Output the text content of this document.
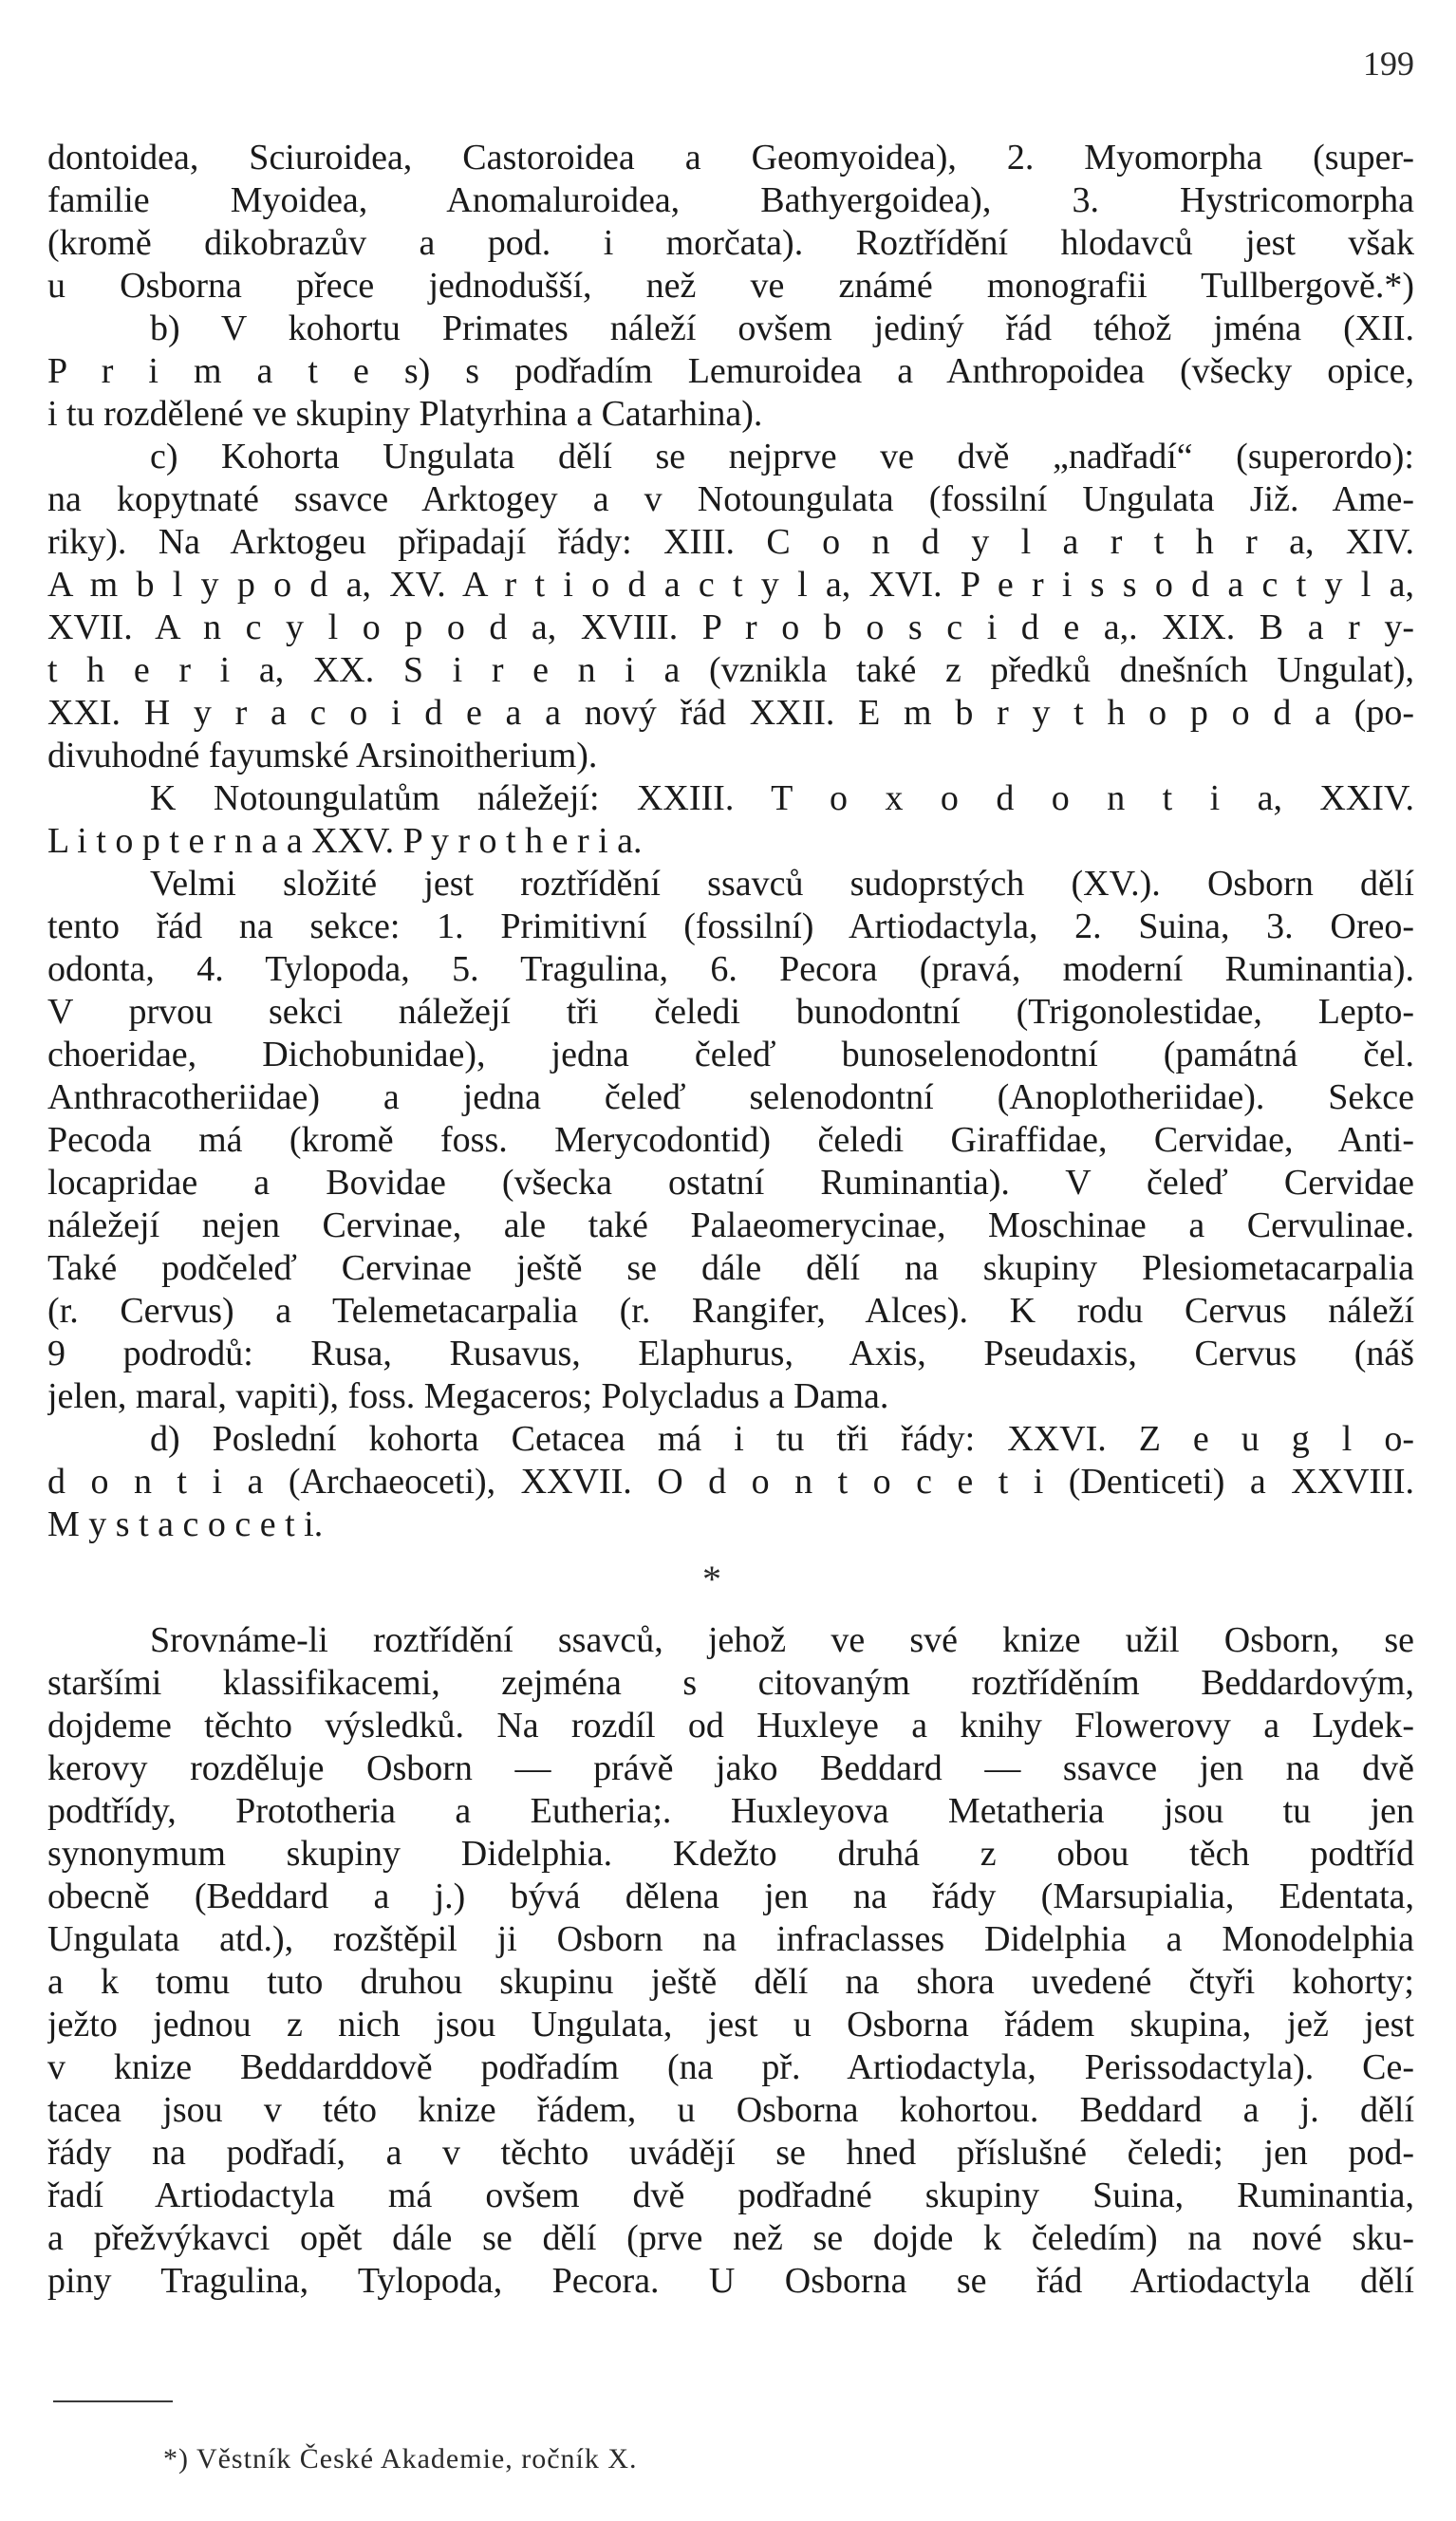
199
dontoidea, Sciuroidea, Castoroidea a Geomyoidea), 2. Myomorpha (super-
familie Myoidea, Anomaluroidea, Bathyergoidea), 3. Hystricomorpha
(kromě dikobrazův a pod. i morčata). Roztřídění hlodavců jest však
u Osborna přece jednodušší, než ve známé monografii Tullbergově.*)
b) V kohortu Primates náleží ovšem jediný řád téhož jména (XII.
P r i m a t e s) s podřadím Lemuroidea a Anthropoidea (všecky opice,
i tu rozdělené ve skupiny Platyrhina a Catarhina).
c) Kohorta Ungulata dělí se nejprve ve dvě „nadřadí“ (superordo):
na kopytnaté ssavce Arktogey a v Notoungulata (fossilní Ungulata Již. Ame-
riky). Na Arktogeu připadají řády: XIII. C o n d y l a r t h r a, XIV.
A m b l y p o d a, XV. A r t i o d a c t y l a, XVI. P e r i s s o d a c t y l a,
XVII. A n c y l o p o d a, XVIII. P r o b o s c i d e a,. XIX. B a r y-
t h e r i a, XX. S i r e n i a (vznikla také z předků dnešních Ungulat),
XXI. H y r a c o i d e a a nový řád XXII. E m b r y t h o p o d a (po-
divuhodné fayumské Arsinoitherium).
K Notoungulatům náležejí: XXIII. T o x o d o n t i a, XXIV.
L i t o p t e r n a a XXV. P y r o t h e r i a.
Velmi složité jest roztřídění ssavců sudoprstých (XV.). Osborn dělí
tento řád na sekce: 1. Primitivní (fossilní) Artiodactyla, 2. Suina, 3. Oreo-
odonta, 4. Tylopoda, 5. Tragulina, 6. Pecora (pravá, moderní Ruminantia).
V prvou sekci náležejí tři čeledi bunodontní (Trigonolestidae, Lepto-
choeridae, Dichobunidae), jedna čeleď bunoselenodontní (památná čel.
Anthracotheriidae) a jedna čeleď selenodontní (Anoplotheriidae). Sekce
Pecoda má (kromě foss. Merycodontid) čeledi Giraffidae, Cervidae, Anti-
locapridae a Bovidae (všecka ostatní Ruminantia). V čeleď Cervidae
náležejí nejen Cervinae, ale také Palaeomerycinae, Moschinae a Cervulinae.
Také podčeleď Cervinae ještě se dále dělí na skupiny Plesiometacarpalia
(r. Cervus) a Telemetacarpalia (r. Rangifer, Alces). K rodu Cervus náleží
9 podrodů: Rusa, Rusavus, Elaphurus, Axis, Pseudaxis, Cervus (náš
jelen, maral, vapiti), foss. Megaceros; Polycladus a Dama.
d) Poslední kohorta Cetacea má i tu tři řády: XXVI. Z e u g l o-
d o n t i a (Archaeoceti), XXVII. O d o n t o c e t i (Denticeti) a XXVIII.
M y s t a c o c e t i.
*
Srovnáme-li roztřídění ssavců, jehož ve své knize užil Osborn, se
staršími klassifikacemi, zejména s citovaným roztříděním Beddardovým,
dojdeme těchto výsledků. Na rozdíl od Huxleye a knihy Flowerovy a Lydek-
kerovy rozděluje Osborn — právě jako Beddard — ssavce jen na dvě
podtřídy, Prototheria a Eutheria;. Huxleyova Metatheria jsou tu jen
synonymum skupiny Didelphia. Kdežto druhá z obou těch podtříd
obecně (Beddard a j.) bývá dělena jen na řády (Marsupialia, Edentata,
Ungulata atd.), rozštěpil ji Osborn na infraclasses Didelphia a Monodelphia
a k tomu tuto druhou skupinu ještě dělí na shora uvedené čtyři kohorty;
ježto jednou z nich jsou Ungulata, jest u Osborna řádem skupina, jež jest
v knize Beddarddově podřadím (na př. Artiodactyla, Perissodactyla). Ce-
tacea jsou v této knize řádem, u Osborna kohortou. Beddard a j. dělí
řády na podřadí, a v těchto uvádějí se hned příslušné čeledi; jen pod-
řadí Artiodactyla má ovšem dvě podřadné skupiny Suina, Ruminantia,
a přežvýkavci opět dále se dělí (prve než se dojde k čeledím) na nové sku-
piny Tragulina, Tylopoda, Pecora. U Osborna se řád Artiodactyla dělí
*) Věstník České Akademie, ročník X.
